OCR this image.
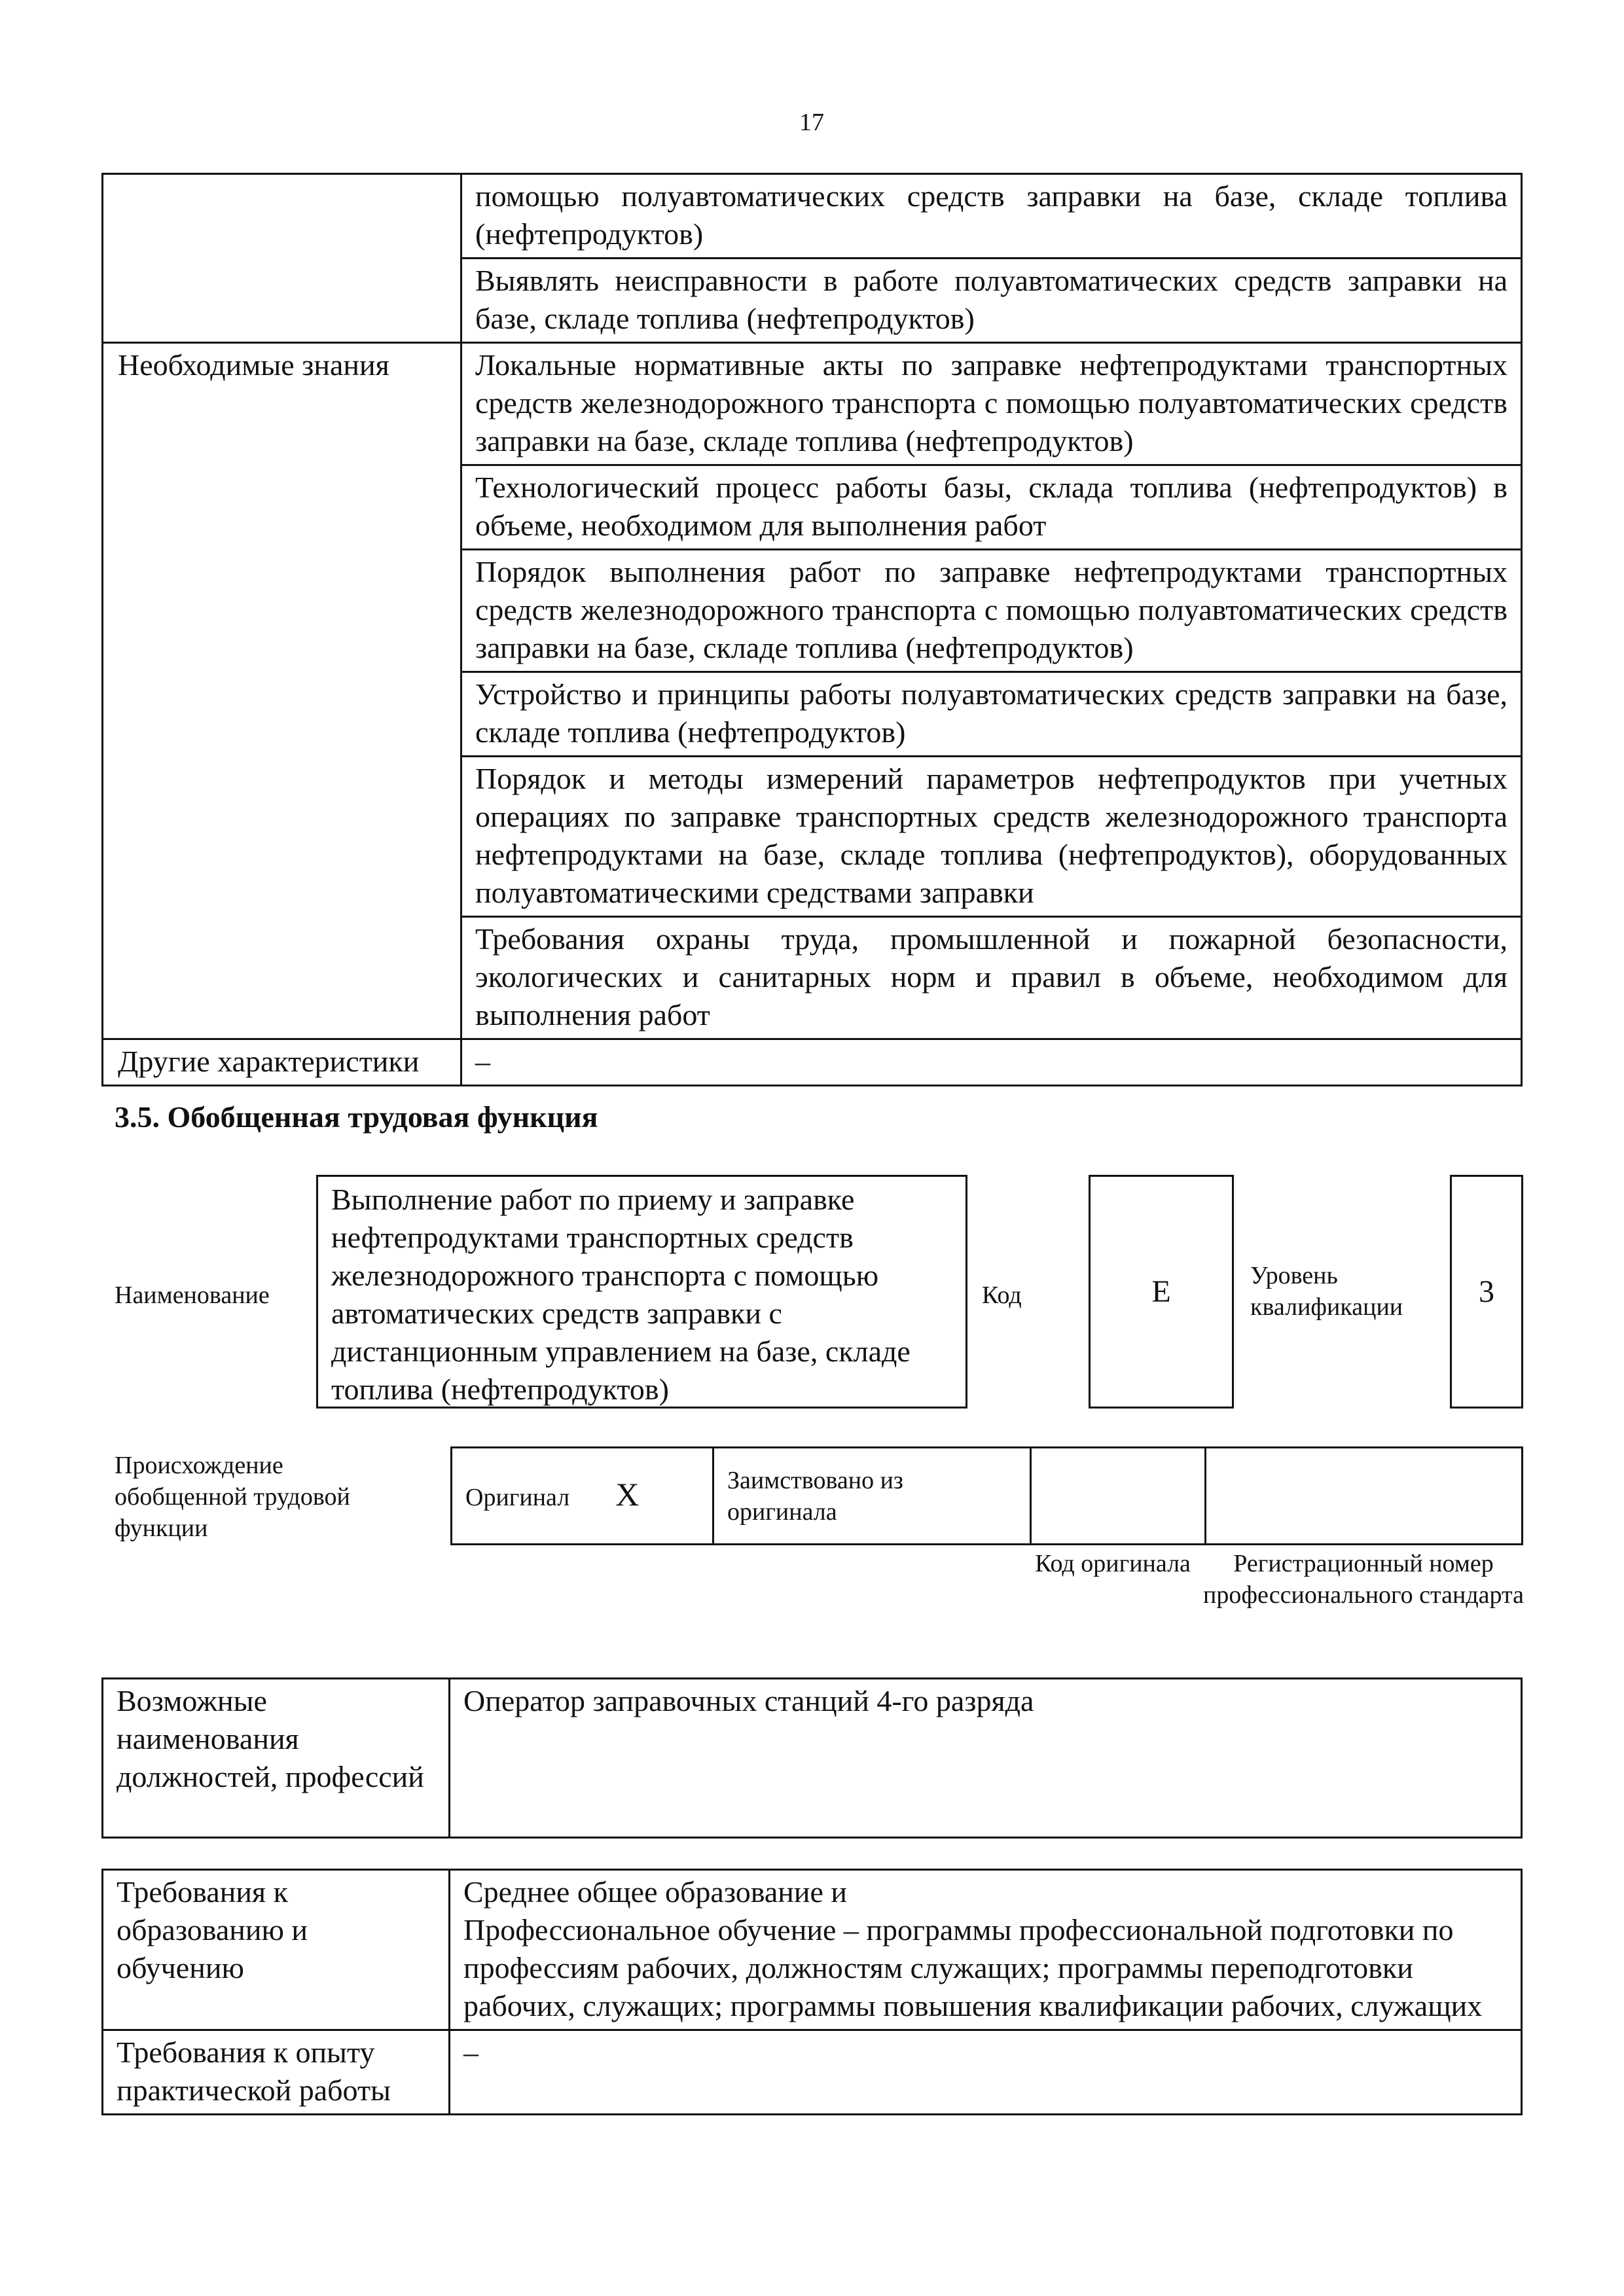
17
	помощью полуавтоматических средств заправки на базе, складе топлива (нефтепродуктов)
	Выявлять неисправности в работе полуавтоматических средств заправки на базе, складе топлива (нефтепродуктов)
Необходимые знания	Локальные нормативные акты по заправке нефтепродуктами транспортных средств железнодорожного транспорта с помощью полуавтоматических средств заправки на базе, складе топлива (нефтепродуктов)
	Технологический процесс работы базы, склада топлива (нефтепродуктов) в объеме, необходимом для выполнения работ
	Порядок выполнения работ по заправке нефтепродуктами транспортных средств железнодорожного транспорта с помощью полуавтоматических средств заправки на базе, складе топлива (нефтепродуктов)
	Устройство и принципы работы полуавтоматических средств заправки на базе, складе топлива (нефтепродуктов)
	Порядок и методы измерений параметров нефтепродуктов при учетных операциях по заправке транспортных средств железнодорожного транспорта нефтепродуктами на базе, складе топлива (нефтепродуктов), оборудованных полуавтоматическими средствами заправки
	Требования охраны труда, промышленной и пожарной безопасности, экологических и санитарных норм и правил в объеме, необходимом для выполнения работ
Другие характеристики	–
3.5. Обобщенная трудовая функция
Наименование
Выполнение работ по приему и заправке нефтепродуктами транспортных средств железнодорожного транспорта с помощью автоматических средств заправки с дистанционным управлением на базе, складе топлива (нефтепродуктов)
Код	E	Уровень квалификации	3
Происхождение обобщенной трудовой функции
Оригинал X	Заимствовано из оригинала		
Код оригинала	Регистрационный номер профессионального стандарта
Возможные наименования должностей, профессий	Оператор заправочных станций 4-го разряда
Требования к образованию и обучению	Среднее общее образование и
Профессиональное обучение – программы профессиональной подготовки по профессиям рабочих, должностям служащих; программы переподготовки рабочих, служащих; программы повышения квалификации рабочих, служащих

Требования к опыту практической работы	–
